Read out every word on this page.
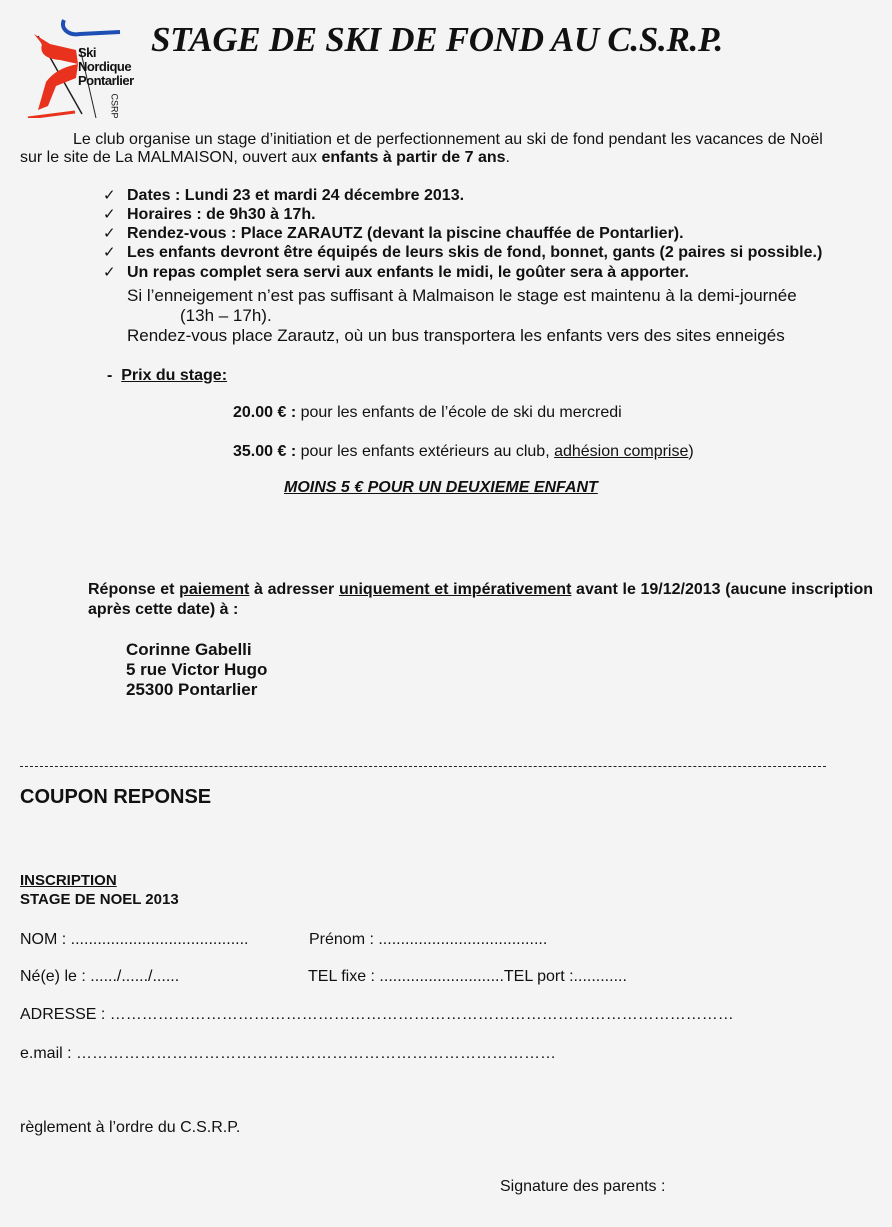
Ski
Nordique
Pontarlier
CSRP
STAGE DE SKI DE FOND AU C.S.R.P.
Le club organise un stage d’initiation et de perfectionnement au ski de fond pendant les vacances de Noël
sur le site de La MALMAISON, ouvert aux enfants à partir de 7 ans.
✓ Dates : Lundi 23 et mardi 24 décembre 2013.
✓ Horaires : de 9h30 à 17h.
✓ Rendez-vous : Place ZARAUTZ (devant la piscine chauffée de Pontarlier).
✓ Les enfants devront être équipés de leurs skis de fond, bonnet, gants (2 paires si possible.)
✓ Un repas complet sera servi aux enfants le midi, le goûter sera à apporter.
Si l’enneigement n’est pas suffisant à Malmaison le stage est maintenu à la demi-journée
(13h – 17h).
Rendez-vous place Zarautz, où un bus transportera les enfants vers des sites enneigés
- Prix du stage:
20.00 € : pour les enfants de l’école de ski du mercredi
35.00 € : pour les enfants extérieurs au club, adhésion comprise)
MOINS 5 € POUR UN DEUXIEME ENFANT
Réponse et paiement à adresser uniquement et impérativement avant le 19/12/2013 (aucune inscription après cette date) à :
Corinne Gabelli
5 rue Victor Hugo
25300 Pontarlier
COUPON REPONSE
INSCRIPTION
STAGE DE NOEL 2013
NOM : ........................................	Prénom : ......................................
Né(e) le : ....../....../......	TEL fixe : ............................TEL port :............
ADRESSE : ………………………………………………………………………………………………………
e.mail : ………………………………………………………………………………
règlement à l’ordre du C.S.R.P.
Signature des parents :
